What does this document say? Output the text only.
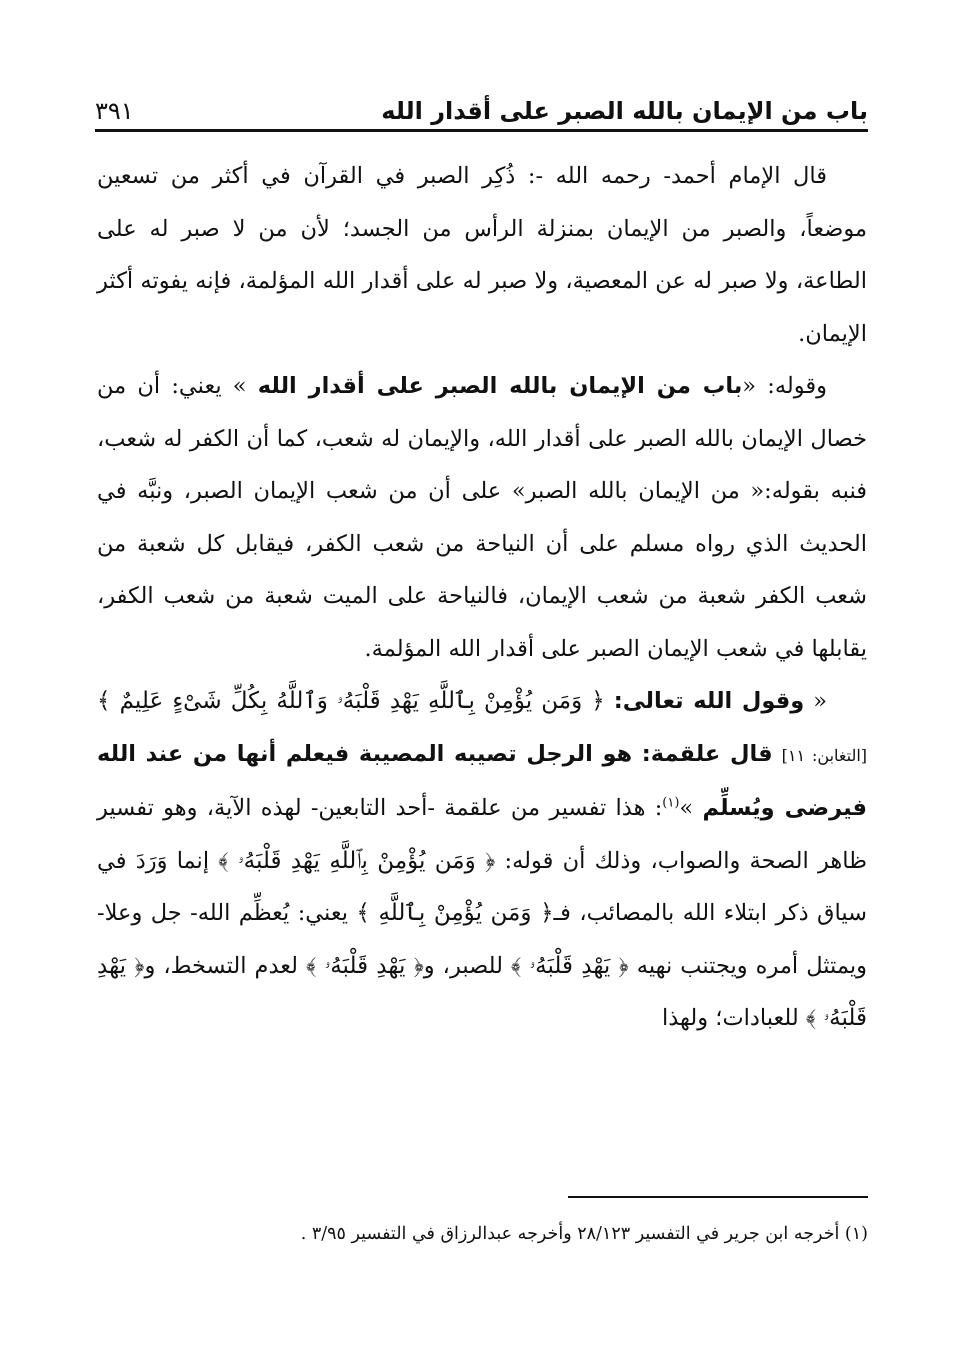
باب من الإيمان بالله الصبر على أقدار الله
٣٩١

قال الإمام أحمد- رحمه الله -: ذُكِر الصبر في القرآن في أكثر من تسعين موضعاً، والصبر من الإيمان بمنزلة الرأس من الجسد؛ لأن من لا صبر له على الطاعة، ولا صبر له عن المعصية، ولا صبر له على أقدار الله المؤلمة، فإنه يفوته أكثر الإيمان.

وقوله: «باب من الإيمان بالله الصبر على أقدار الله » يعني: أن من خصال الإيمان بالله الصبر على أقدار الله، والإيمان له شعب، كما أن الكفر له شعب، فنبه بقوله:« من الإيمان بالله الصبر» على أن من شعب الإيمان الصبر، ونبَّه في الحديث الذي رواه مسلم على أن النياحة من شعب الكفر، فيقابل كل شعبة من شعب الكفر شعبة من شعب الإيمان، فالنياحة على الميت شعبة من شعب الكفر، يقابلها في شعب الإيمان الصبر على أقدار الله المؤلمة.

« وقول الله تعالى: ﴿ وَمَن يُؤْمِنْ بِٱللَّهِ يَهْدِ قَلْبَهُۥ وَٱللَّهُ بِكُلِّ شَىْءٍ عَلِيمٌ ﴾ [التغابن: ١١] قال علقمة: هو الرجل تصيبه المصيبة فيعلم أنها من عند الله فيرضى ويُسلِّم »$^{(١)}$: هذا تفسير من علقمة -أحد التابعين- لهذه الآية، وهو تفسير ظاهر الصحة والصواب، وذلك أن قوله: ﴿ وَمَن يُؤْمِنْ بِٱللَّهِ يَهْدِ قَلْبَهُۥ ﴾ إنما وَرَدَ في سياق ذكر ابتلاء الله بالمصائب، فـ﴿ وَمَن يُؤْمِنْ بِٱللَّهِ ﴾ يعني: يُعظِّم الله- جل وعلا- ويمتثل أمره ويجتنب نهيه ﴿ يَهْدِ قَلْبَهُۥ ﴾ للصبر، و﴿ يَهْدِ قَلْبَهُۥ ﴾ لعدم التسخط، و﴿ يَهْدِ قَلْبَهُۥ ﴾ للعبادات؛ ولهذا

(١) أخرجه ابن جرير في التفسير ٢٨/١٢٣ وأخرجه عبدالرزاق في التفسير ٣/٩٥ .
